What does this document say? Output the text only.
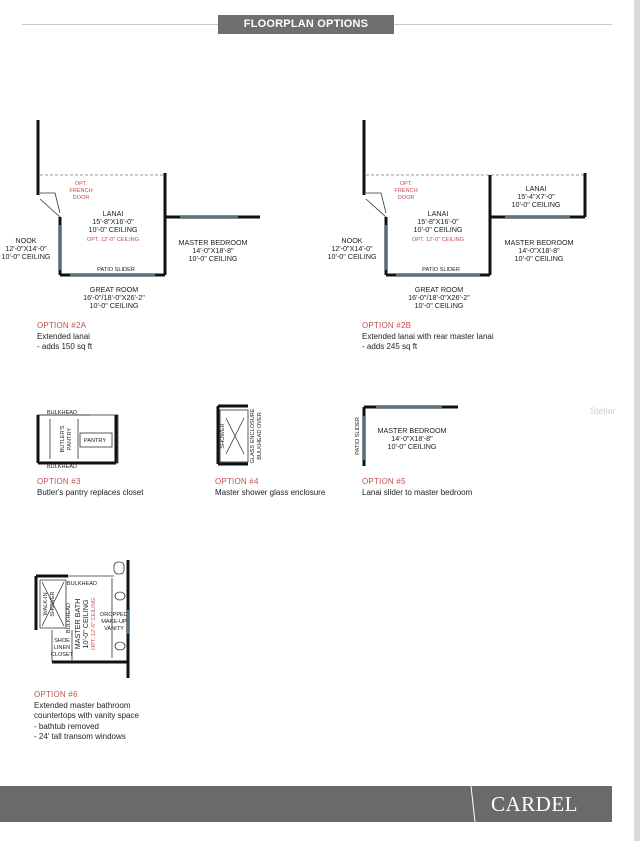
FLOORPLAN OPTIONS
OPT. FRENCH DOOR
LANAI 15'-8"X16'-0" 10'-0" CEILING
OPT. 12'-0" CEILING	MASTER BEDROOM 14'-0"X18'-8" 10'-0" CEILING
NOOK 12'-0"X14'-0" 10'-0" CEILING
PATIO SLIDER
GREAT ROOM 16'-0"/18'-0"X26'-2" 10'-0" CEILING
OPT. FRENCH DOOR
LANAI 15'-4"X7'-0" 10'-0" CEILING
LANAI 15'-8"X16'-0" 10'-0" CEILING
OPT. 12'-0" CEILING	MASTER BEDROOM 14'-0"X18'-8" 10'-0" CEILING
NOOK 12'-0"X14'-0" 10'-0" CEILING
PATIO SLIDER
GREAT ROOM 16'-0"/18'-0"X26'-2" 10'-0" CEILING
BULKHEAD
BUTLER'SPANTRY PANTRY
BULKHEAD
SHOWER	GLASS ENCLOSUREBULKHEAD OVER	PATIO SLIDER MASTER BEDROOM 14'-0"X18'-8" 10'-0" CEILING
BULKHEAD
WALK-INSHOWER BULKHEAD MASTER BATH 10'-0" CEILING OPT. 12'-0" CEILING DROPPED MAKE-UP VANITY
SHOE LINEN CLOSET
OPTION #2A
Extended lanai
- adds 150 sq ft
OPTION #2B
Extended lanai with rear master lanai
- adds 245 sq ft
OPTION #3
Butler's pantry replaces closet
OPTION #4
Master shower glass enclosure
OPTION #5
Lanai slider to master bedroom
OPTION #6
Extended master bathroom
countertops with vanity space
- bathtub removed
- 24' tall transom windows
Stellar
CARDEL
